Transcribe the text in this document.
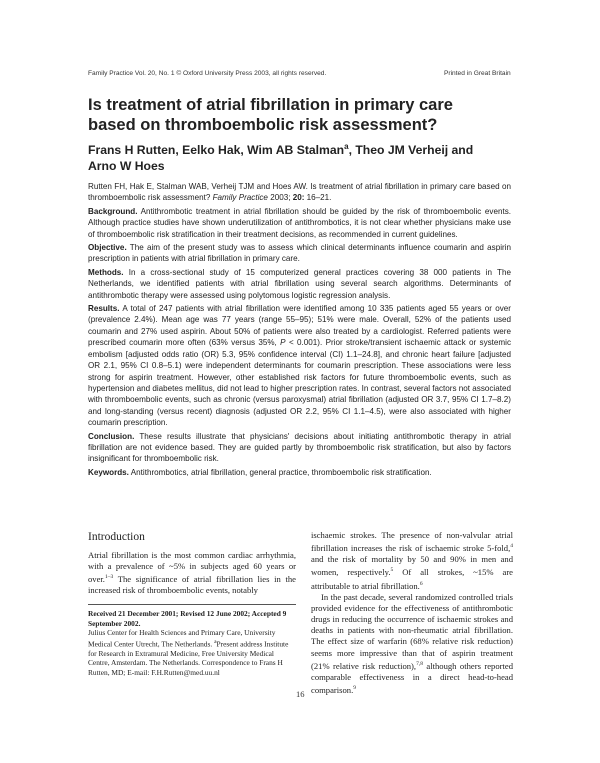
Family Practice Vol. 20, No. 1 © Oxford University Press 2003, all rights reserved.	Printed in Great Britain
Is treatment of atrial fibrillation in primary care
based on thromboembolic risk assessment?
Frans H Rutten, Eelko Hak, Wim AB Stalman$^a$, Theo JM Verheij and
Arno W Hoes

Rutten FH, Hak E, Stalman WAB, Verheij TJM and Hoes AW. Is treatment of atrial fibrillation in primary care based on thromboembolic risk assessment? Family Practice 2003; 20: 16–21.

Background. Antithrombotic treatment in atrial fibrillation should be guided by the risk of thromboembolic events. Although practice studies have shown underutilization of antithrombotics, it is not clear whether physicians make use of thromboembolic risk stratification in their treatment decisions, as recommended in current guidelines.

Objective. The aim of the present study was to assess which clinical determinants influence coumarin and aspirin prescription in patients with atrial fibrillation in primary care.

Methods. In a cross-sectional study of 15 computerized general practices covering 38 000 patients in The Netherlands, we identified patients with atrial fibrillation using several search algorithms. Determinants of antithrombotic therapy were assessed using polytomous logistic regression analysis.

Results. A total of 247 patients with atrial fibrillation were identified among 10 335 patients aged 55 years or over (prevalence 2.4%). Mean age was 77 years (range 55–95); 51% were male. Overall, 52% of the patients used coumarin and 27% used aspirin. About 50% of patients were also treated by a cardiologist. Referred patients were prescribed coumarin more often (63% versus 35%, P < 0.001). Prior stroke/transient ischaemic attack or systemic embolism [adjusted odds ratio (OR) 5.3, 95% confidence interval (CI) 1.1–24.8], and chronic heart failure [adjusted OR 2.1, 95% CI 0.8–5.1) were independent determinants for coumarin prescription. These associations were less strong for aspirin treatment. However, other established risk factors for future thromboembolic events, such as hypertension and diabetes mellitus, did not lead to higher prescription rates. In contrast, several factors not associated with thromboembolic events, such as chronic (versus paroxysmal) atrial fibrillation (adjusted OR 3.7, 95% CI 1.7–8.2) and long-standing (versus recent) diagnosis (adjusted OR 2.2, 95% CI 1.1–4.5), were also associated with higher coumarin prescription.

Conclusion. These results illustrate that physicians' decisions about initiating antithrombotic therapy in atrial fibrillation are not evidence based. They are guided partly by thromboembolic risk stratification, but also by factors insignificant for thromboembolic risk.

Keywords. Antithrombotics, atrial fibrillation, general practice, thromboembolic risk stratification.

Introduction
Atrial fibrillation is the most common cardiac arrhythmia, with a prevalence of ~5% in subjects aged 60 years or over.$^{1-3}$ The significance of atrial fibrillation lies in the increased risk of thromboembolic events, notably
Received 21 December 2001; Revised 12 June 2002; Accepted 9 September 2002.
Julius Center for Health Sciences and Primary Care, University Medical Center Utrecht, The Netherlands. $^a$Present address Institute for Research in Extramural Medicine, Free University Medical Centre, Amsterdam. The Netherlands. Correspondence to Frans H Rutten, MD; E-mail: F.H.Rutten@med.uu.nl

ischaemic strokes. The presence of non-valvular atrial fibrillation increases the risk of ischaemic stroke 5-fold,$^4$ and the risk of mortality by 50 and 90% in men and women, respectively.$^5$ Of all strokes, ~15% are attributable to atrial fibrillation.$^6$

In the past decade, several randomized controlled trials provided evidence for the effectiveness of antithrombotic drugs in reducing the occurrence of ischaemic strokes and deaths in patients with non-rheumatic atrial fibrillation. The effect size of warfarin (68% relative risk reduction) seems more impressive than that of aspirin treatment (21% relative risk reduction),$^{7,8}$ although others reported comparable effectiveness in a direct head-to-head comparison.$^9$

16
